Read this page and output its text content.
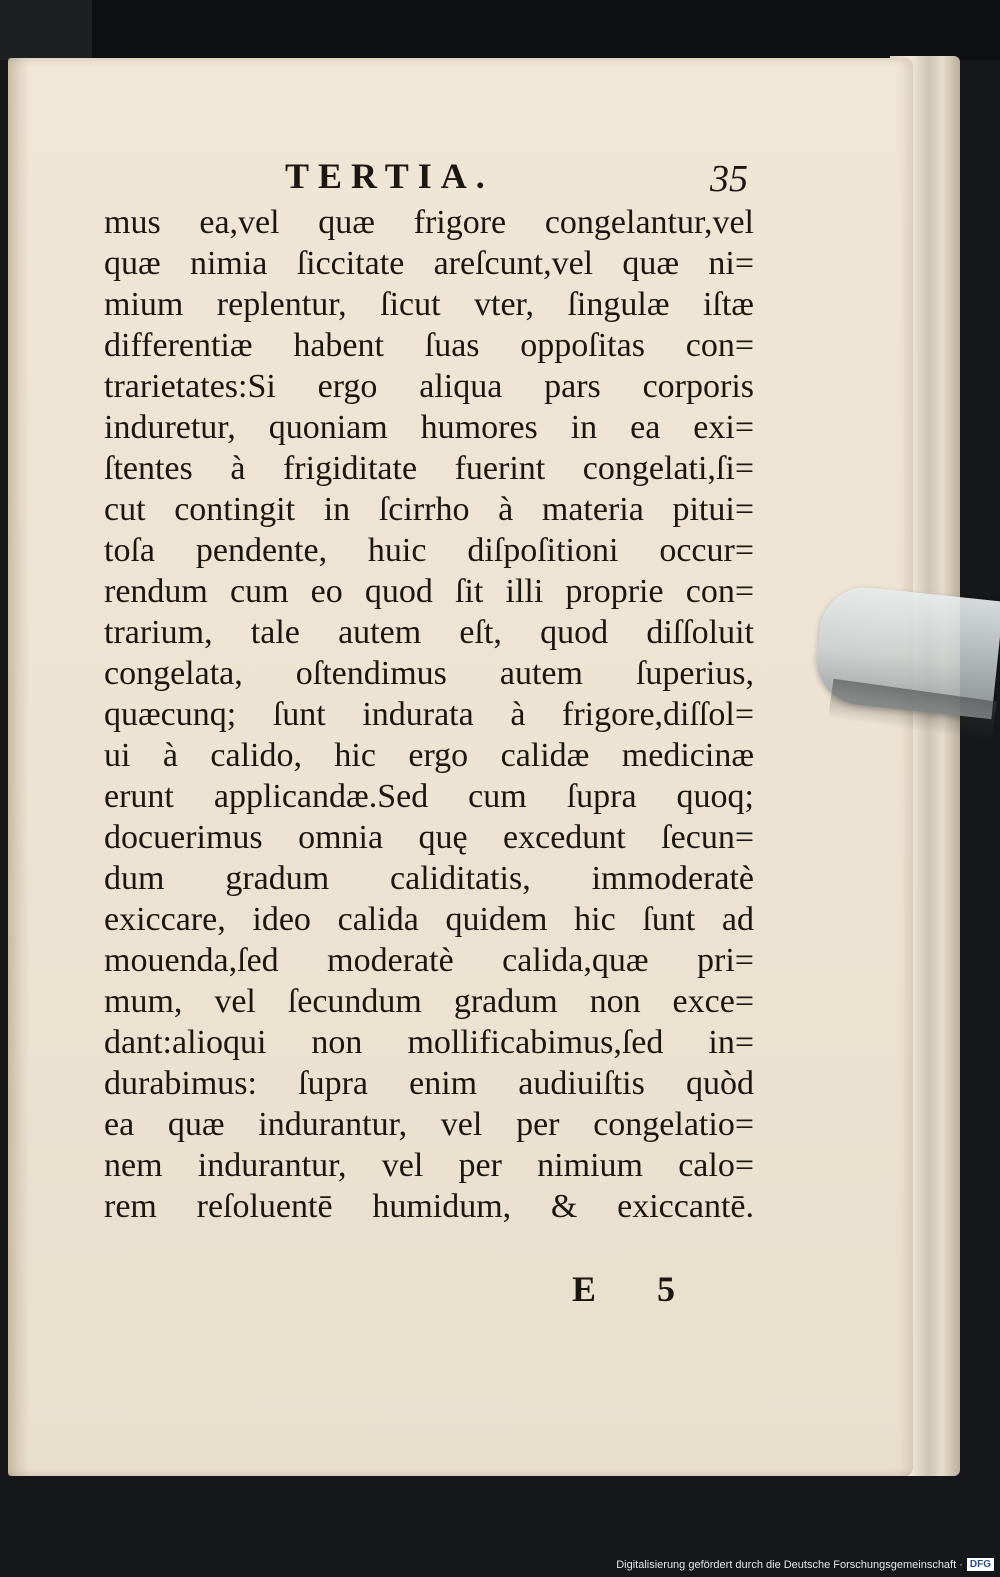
TERTIA.	35
mus ea,vel quæ frigore congelantur,vel
quæ nimia ſiccitate areſcunt,vel quæ ni=
mium replentur, ſicut vter, ſingulæ iſtæ
differentiæ habent ſuas oppoſitas con=
trarietates:Si ergo aliqua pars corporis
induretur, quoniam humores in ea exi=
ſtentes à frigiditate fuerint congelati,ſi=
cut contingit in ſcirrho à materia pitui=
toſa pendente, huic diſpoſitioni occur=
rendum cum eo quod ſit illi proprie con=
trarium, tale autem eſt, quod diſſoluit
congelata, oſtendimus autem ſuperius,
quæcunq; ſunt indurata à frigore,diſſol=
ui à calido, hic ergo calidæ medicinæ
erunt applicandæ.Sed cum ſupra quoq;
docuerimus omnia quę excedunt ſecun=
dum gradum caliditatis, immoderatè
exiccare, ideo calida quidem hic ſunt ad
mouenda,ſed moderatè calida,quæ pri=
mum, vel ſecundum gradum non exce=
dant:alioqui non mollificabimus,ſed in=
durabimus: ſupra enim audiuiſtis quòd
ea quæ indurantur, vel per congelatio=
nem indurantur, vel per nimium calo=
rem reſoluentē humidum, & exiccantē.
E 5
Digitalisierung gefördert durch die Deutsche Forschungsgemeinschaft · DFG
